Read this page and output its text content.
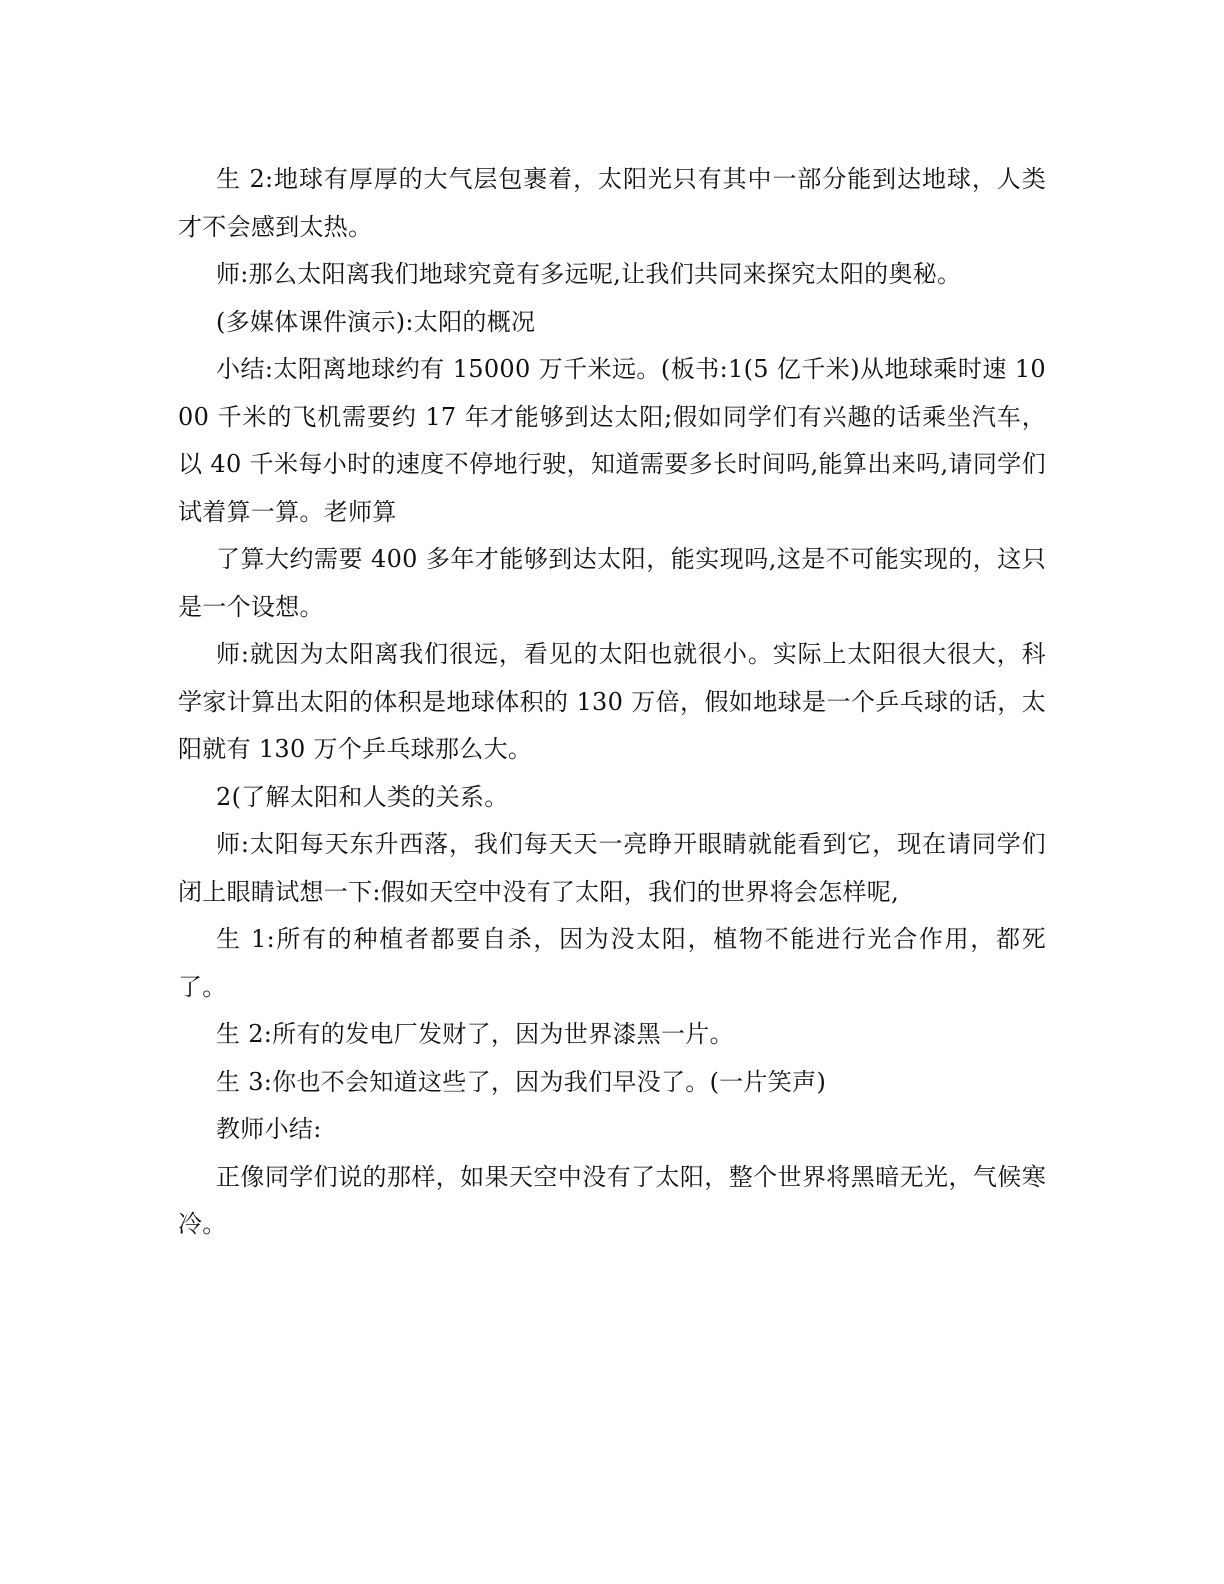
生 2:地球有厚厚的大气层包裹着，太阳光只有其中一部分能到达地球，人类才不会感到太热。

师:那么太阳离我们地球究竟有多远呢,让我们共同来探究太阳的奥秘。

(多媒体课件演示):太阳的概况

小结:太阳离地球约有 15000 万千米远。(板书:1(5 亿千米)从地球乘时速 1000 千米的飞机需要约 17 年才能够到达太阳;假如同学们有兴趣的话乘坐汽车，以 40 千米每小时的速度不停地行驶，知道需要多长时间吗,能算出来吗,请同学们试着算一算。老师算

了算大约需要 400 多年才能够到达太阳，能实现吗,这是不可能实现的，这只是一个设想。

师:就因为太阳离我们很远，看见的太阳也就很小。实际上太阳很大很大，科学家计算出太阳的体积是地球体积的 130 万倍，假如地球是一个乒乓球的话，太阳就有 130 万个乒乓球那么大。

2(了解太阳和人类的关系。

师:太阳每天东升西落，我们每天天一亮睁开眼睛就能看到它，现在请同学们闭上眼睛试想一下:假如天空中没有了太阳，我们的世界将会怎样呢,

生 1:所有的种植者都要自杀，因为没太阳，植物不能进行光合作用，都死了。

生 2:所有的发电厂发财了，因为世界漆黑一片。

生 3:你也不会知道这些了，因为我们早没了。(一片笑声)

教师小结:

正像同学们说的那样，如果天空中没有了太阳，整个世界将黑暗无光，气候寒冷。
